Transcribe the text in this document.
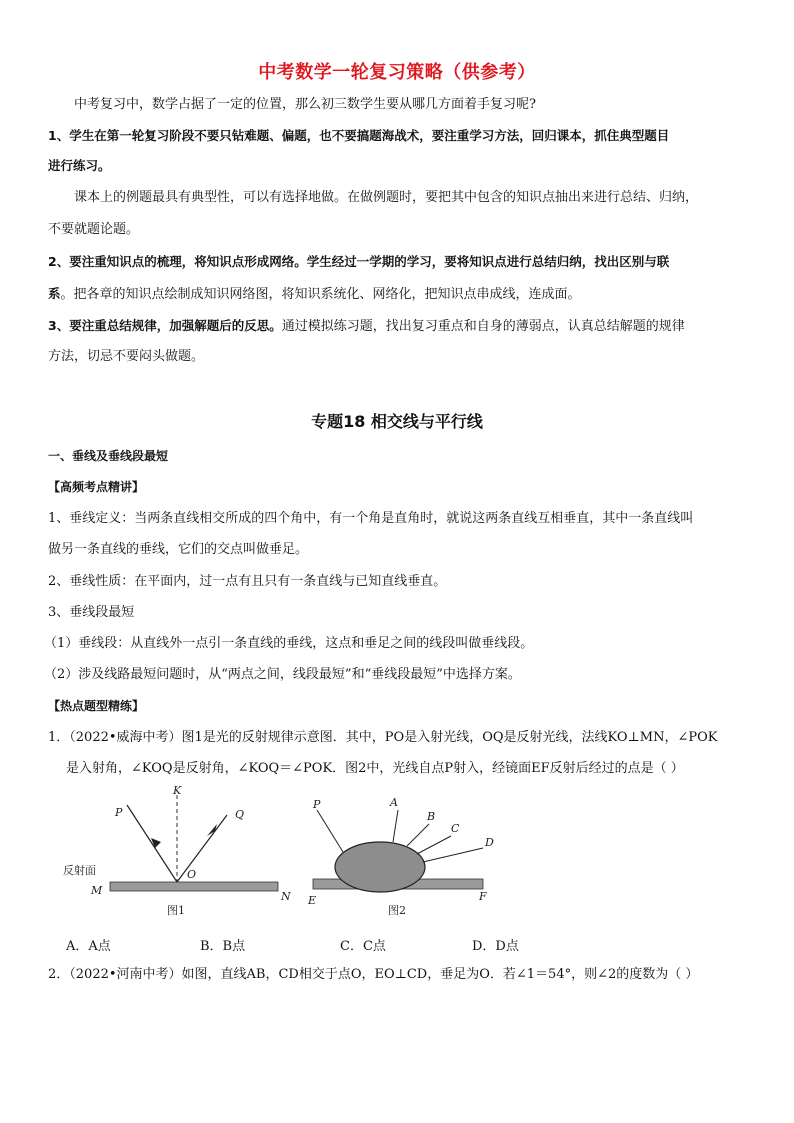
中考数学一轮复习策略（供参考）
中考复习中，数学占据了一定的位置，那么初三数学生要从哪几方面着手复习呢?
1、学生在第一轮复习阶段不要只钻难题、偏题，也不要搞题海战术，要注重学习方法，回归课本，抓住典型题目
进行练习。
课本上的例题最具有典型性，可以有选择地做。在做例题时，要把其中包含的知识点抽出来进行总结、归纳，
不要就题论题。
2、要注重知识点的梳理，将知识点形成网络。学生经过一学期的学习，要将知识点进行总结归纳，找出区别与联
系。把各章的知识点绘制成知识网络图，将知识系统化、网络化，把知识点串成线，连成面。
3、要注重总结规律，加强解题后的反思。通过模拟练习题，找出复习重点和自身的薄弱点，认真总结解题的规律
方法，切忌不要闷头做题。
专题18 相交线与平行线
一、垂线及垂线段最短
【高频考点精讲】
1、垂线定义：当两条直线相交所成的四个角中，有一个角是直角时，就说这两条直线互相垂直，其中一条直线叫
做另一条直线的垂线，它们的交点叫做垂足。
2、垂线性质：在平面内，过一点有且只有一条直线与已知直线垂直。
3、垂线段最短
（1）垂线段：从直线外一点引一条直线的垂线，这点和垂足之间的线段叫做垂线段。
（2）涉及线路最短问题时，从“两点之间，线段最短”和“垂线段最短”中选择方案。
【热点题型精练】
1．（2022•威海中考）图1是光的反射规律示意图．其中，PO是入射光线，OQ是反射光线，法线KO⊥MN，∠POK
是入射角，∠KOQ是反射角，∠KOQ＝∠POK．图2中，光线自点P射入，经镜面EF反射后经过的点是（ ）
P
K
Q
O
M	N
反射面
图1
P	A
B
C
D
E	F
图2
A．A点	B．B点	C．C点	D．D点
2．（2022•河南中考）如图，直线AB，CD相交于点O，EO⊥CD，垂足为O．若∠1＝54°，则∠2的度数为（ ）
